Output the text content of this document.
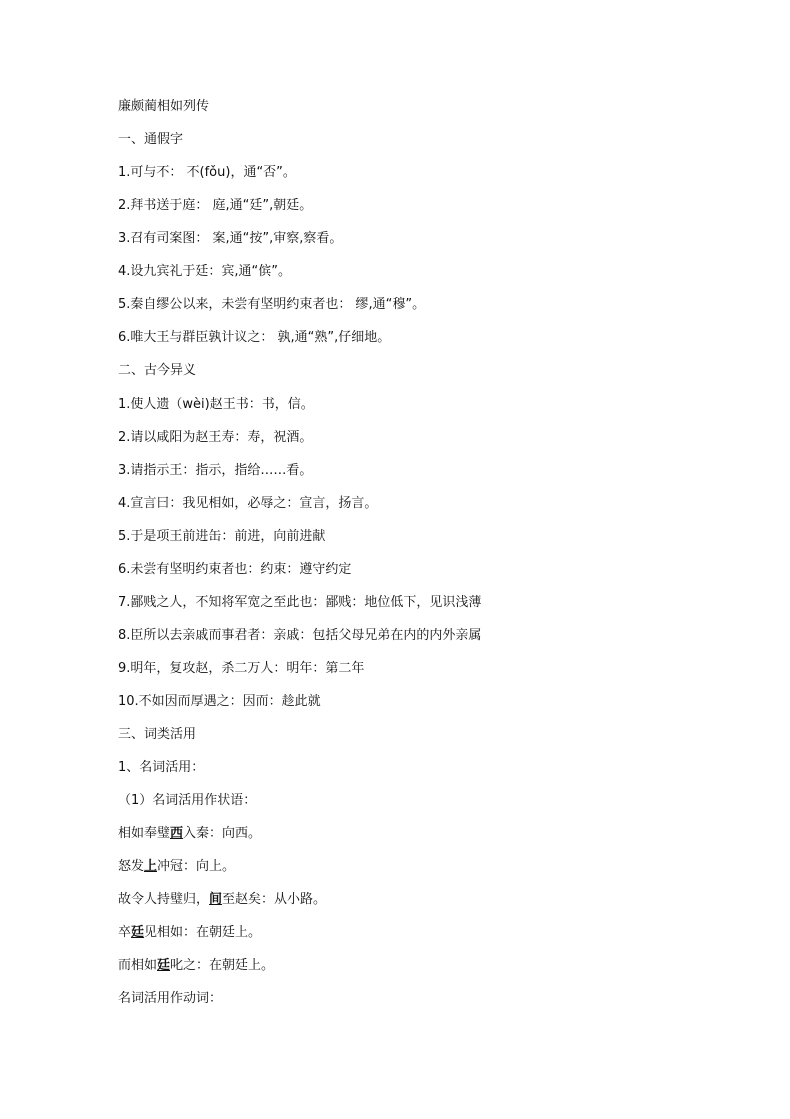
廉颇蔺相如列传
一、通假字
1.可与不： 不(fǒu)，通“否”。
2.拜书送于庭： 庭,通“廷”,朝廷。
3.召有司案图： 案,通“按”,审察,察看。
4.设九宾礼于廷：宾,通“傧”。
5.秦自缪公以来，未尝有坚明约束者也： 缪,通“穆”。
6.唯大王与群臣孰计议之： 孰,通“熟”,仔细地。
二、古今异义
1.使人遗（wèi)赵王书：书，信。
2.请以咸阳为赵王寿：寿，祝酒。
3.请指示王：指示，指给……看。
4.宣言曰：我见相如，必辱之：宣言，扬言。
5.于是项王前进缶：前进，向前进献
6.未尝有坚明约束者也：约束：遵守约定
7.鄙贱之人，不知将军宽之至此也：鄙贱：地位低下，见识浅薄
8.臣所以去亲戚而事君者：亲戚：包括父母兄弟在内的内外亲属
9.明年，复攻赵，杀二万人：明年：第二年
10.不如因而厚遇之：因而：趁此就
三、词类活用
1、名词活用：
（1）名词活用作状语：
相如奉璧西入秦：向西。
怒发上冲冠：向上。
故令人持璧归，间至赵矣：从小路。
卒廷见相如：在朝廷上。
而相如廷叱之：在朝廷上。
名词活用作动词：
